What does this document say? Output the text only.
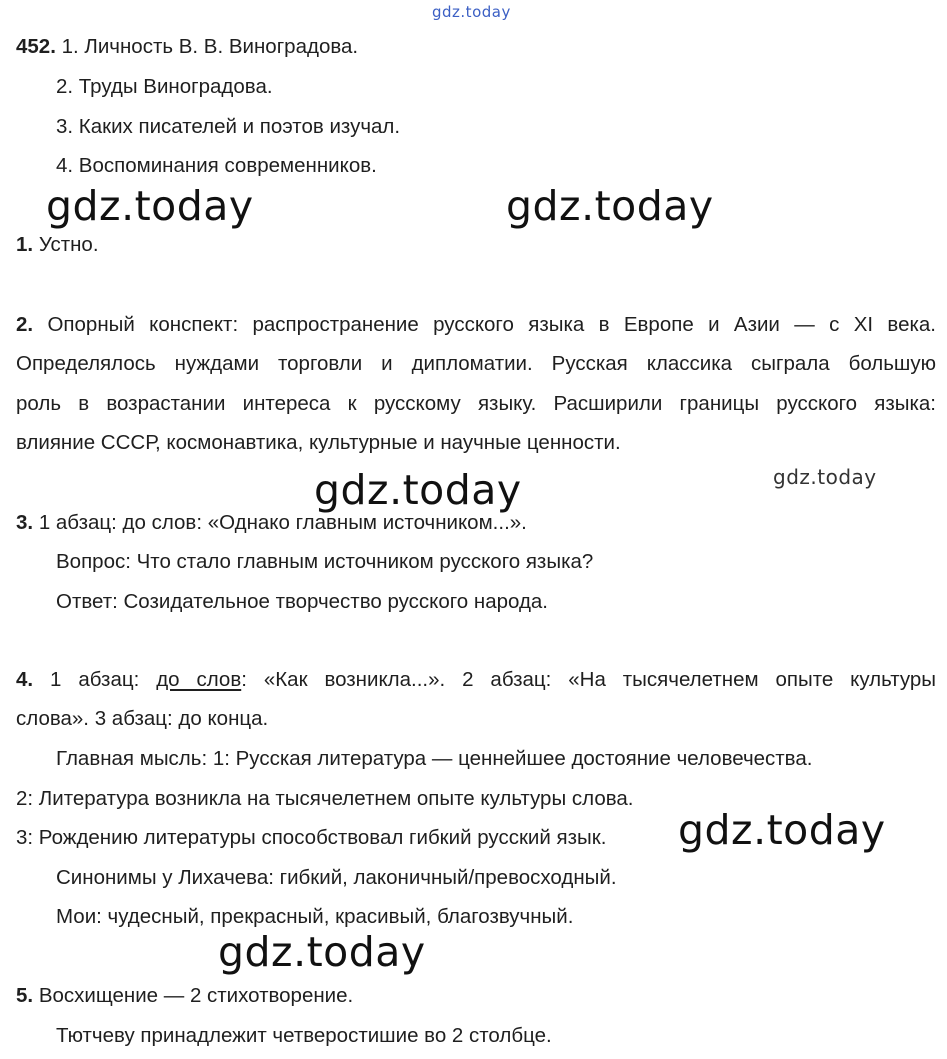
gdz.today
gdz.today	gdz.today
gdz.today	gdz.today
gdz.today
gdz.today
452. 1. Личность В. В. Виноградова.
2. Труды Виноградова.
3. Каких писателей и поэтов изучал.
4. Воспоминания современников.
1. Устно.
2. Опорный конспект: распространение русского языка в Европе и Азии — с XI века.
Определялось нуждами торговли и дипломатии. Русская классика сыграла большую
роль в возрастании интереса к русскому языку. Расширили границы русского языка:
влияние СССР, космонавтика, культурные и научные ценности.
3. 1 абзац: до слов: «Однако главным источником...».
Вопрос: Что стало главным источником русского языка?
Ответ: Созидательное творчество русского народа.
4. 1 абзац: до слов: «Как возникла...». 2 абзац: «На тысячелетнем опыте культуры
слова». 3 абзац: до конца.
Главная мысль: 1: Русская литература — ценнейшее достояние человечества.
2: Литература возникла на тысячелетнем опыте культуры слова.
3: Рождению литературы способствовал гибкий русский язык.
Синонимы у Лихачева: гибкий, лаконичный/превосходный.
Мои: чудесный, прекрасный, красивый, благозвучный.
5. Восхищение — 2 стихотворение.
Тютчеву принадлежит четверостишие во 2 столбце.
